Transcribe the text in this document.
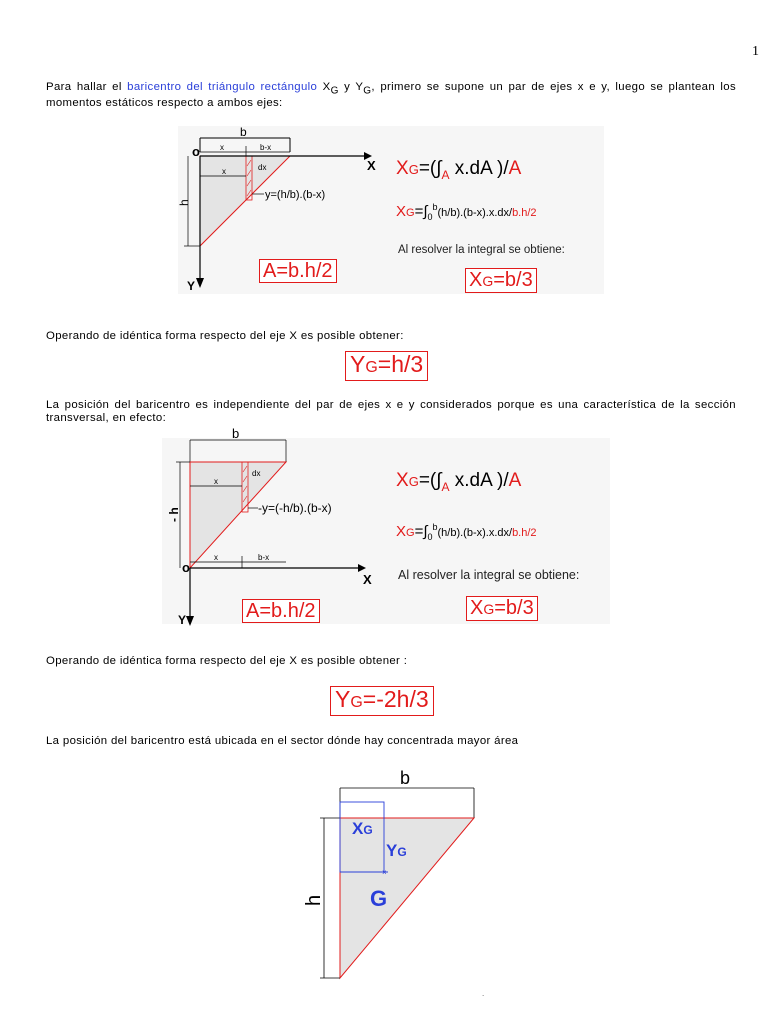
1
Para hallar el baricentro del triángulo rectángulo $X_G$ y $Y_G$, primero se supone un par de ejes x e y, luego se plantean los momentos estáticos respecto a ambos ejes:
b
x	b-x
dx
x
y=(h/b).(b-x)
h
X
Y
o
A=b.h/2
$XG=(\int_A$ x.dA )/A
$XG=\int_0^b(h/b).(b-x).x.dx/b.h/2$
Al resolver la integral se obtiene:
XG=b/3
Operando de idéntica forma respecto del eje X es posible obtener:
YG=h/3
La posición del baricentro es independiente del par de ejes x e y considerados porque es una característica de la sección transversal, en efecto:
b
dx
x
-y=(-h/b).(b-x)
- h
x	b-x
X
Y
o
A=b.h/2
$XG=(\int_A$ x.dA )/A
$XG=\int_0^b(h/b).(b-x).x.dx/b.h/2$
Al resolver la integral se obtiene:
XG=b/3
Operando de idéntica forma respecto del eje X es posible obtener :
YG=-2h/3
La posición del baricentro está ubicada en el sector dónde hay concentrada mayor área
b
h
×
XG
YG
G
.
